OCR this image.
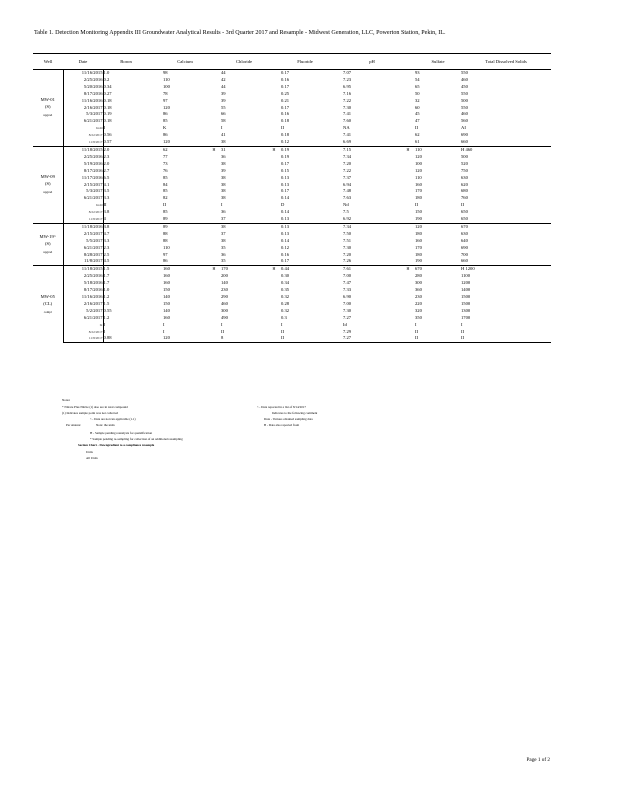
Table 1. Detection Monitoring Appendix III Groundwater Analytical Results - 3rd Quarter 2017 and Resample - Midwest Generation, LLC, Powerton Station, Pekin, IL.
Well	Date	Boron		Calcium		Chloride		Fluoride		pH		Sulfate	Total Dissolved Solids

MW-01
(S)
upgrad	11/16/2015	1.0		98		44		0.17		7.07		93	550
	2/25/2016	0.2		110		42		0.16		7.23		54	460
	5/20/2016	0.34		100		44		0.17		6.95		65	450
	8/17/2016	0.27		78		39		0.25		7.16		50	550
	11/16/2016	0.18		97		39		0.21		7.22		32	500
	2/16/2017	0.18		120		55		0.17		7.30		60	550
	5/3/2017	0.19		86		66		0.16		7.41		45	460
	6/21/2017	0.18		85		58		0.18		7.60		47	560
	Indd	I		K		I		II		NA		II	AI
	8/22/2017	0.56		86		41		0.18		7.41		62	690
	11/8/2017	0.57		120		38		0.12		6.69		61	660

MW-09
(S)
upgrad	11/18/2015	2.0		62	H	31	H	0.19		7.15	H	110	H 460
	2/25/2016	2.3		77		36		0.19		7.34		120	500
	5/19/2016	2.0		73		38		0.17		7.20		100	520
	8/17/2016	2.7		76		39		0.15		7.22		120	750
	11/17/2016	6.5		85		38		0.13		7.37		110	630
	2/15/2017	4.1		84		38		0.13		6.94		160	620
	5/3/2017	3.5		85		38		0.17		7.48		170	680
	6/21/2017	3.3		82		38		0.14		7.63		180	760
	Indd	II		II		I		D		Nd		II	II
	8/22/2017	3.8		85		36		0.14		7.5		150	650
	11/8/2017	4		89		37		0.13		6.92		190	650

MW-19^
(S)
upgrad	11/18/2016	3.8		89		38		0.13		7.34		120	670
	2/15/2017	4.7		88		37		0.13		7.50		180	630
	5/5/2017	3.3		88		38		0.14		7.51		160	640
	6/21/2017	2.3		110		35		0.12		7.30		170	690
	8/28/2017	2.5		97		36		0.16		7.20		180	700
	11/8/2017	4.5		86		35		0.17		7.26		190	660

MW-05
(CL)
compl	11/18/2015	1.5		160	H	170	H	0.44		7.61	H	670	H 1200
	2/25/2016	1.7		160		200		0.30		7.00		280	1100
	5/18/2016	1.7		160		140		0.34		7.47		300	1200
	8/17/2016	1.0		150		230		0.35		7.33		360	1400
	11/16/2016	1.2		140		290		0.32		6.90		230	1500
	2/16/2017	1.5		150		460		0.28		7.00		220	1500
	5/2/2017	0.55		140		300		0.32		7.30		320	1300
	6/21/2017	1.2		160		490		0.3		7.27		350	1700
	Ix	I		I		I		I		Id		I	I
	8/22/2017	I		I		II		II		7.29		II	II
	11/8/2017	0.88		120		8		II		7.27		II	II
Notes:
* Nitrate Plus Nitrite (1) also are in total compound
(1) Indicates sample point was not collected
^ - Data are not run applicable (1.1)
Per Anions:	Note: the units
H - Sample pending reanalysis for quantification
* Sample pending re-sampling for collection of an additional resampling
Section Chart - Downgradient to a compliance resample
Units
All Units
^ - Data reported in a list of 8/14/2017
Indicates to the following comment
Data - Various obtained sampling data
B - Data also reported from
Page 1 of 2
